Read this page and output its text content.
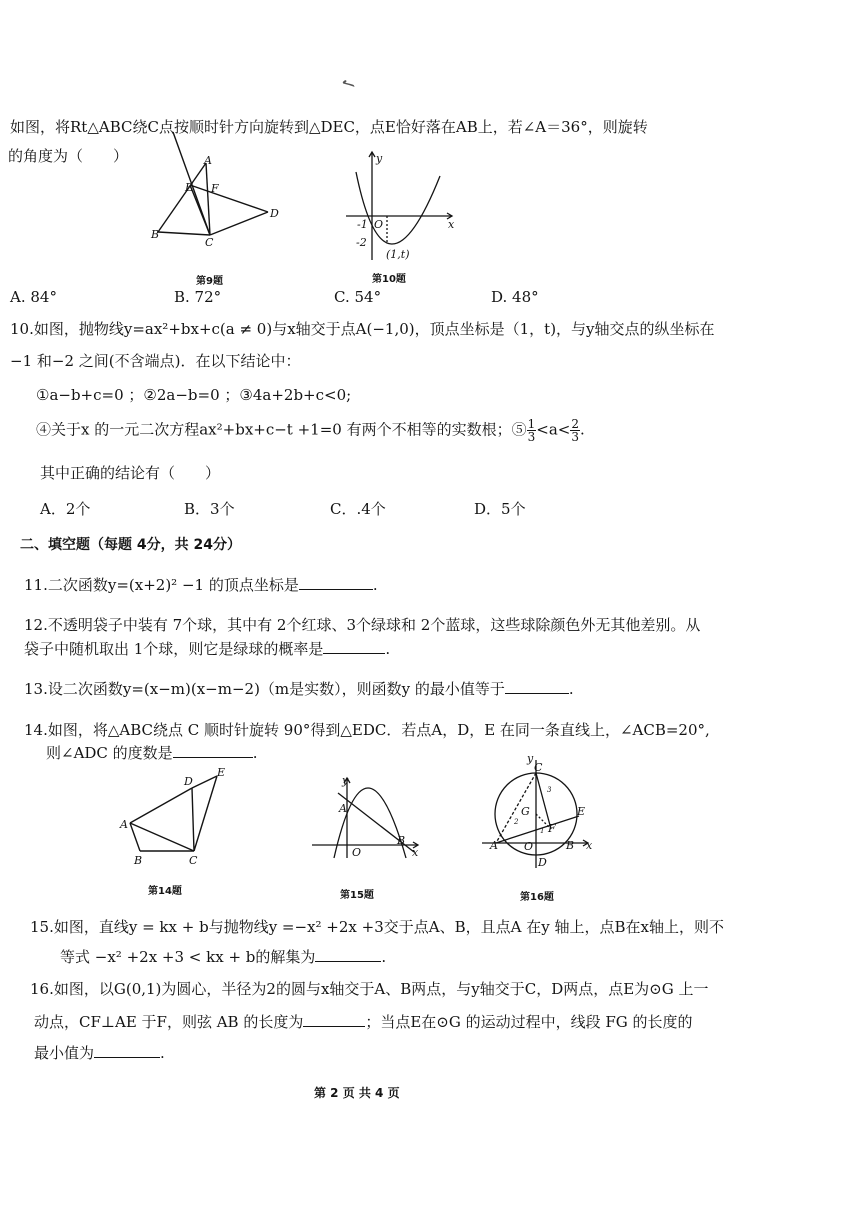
✓
如图，将Rt△ABC绕C点按顺时针方向旋转到△DEC，点E恰好落在AB上，若∠A＝36°，则旋转
的角度为（　　）	A
E F
B
C
D
第9题
y
x
-1 O
-2
(1,t)
第10题
A. 84°	B. 72°	C. 54°	D. 48°
10.如图，抛物线y=ax²+bx+c(a ≠ 0)与x轴交于点A(−1,0)，顶点坐标是（1，t)，与y轴交点的纵坐标在
−1 和−2 之间(不含端点)．在以下结论中：
①a−b+c=0 ；②2a−b=0 ；③4a+2b+c<0;
④关于x 的一元二次方程ax²+bx+c−t +1=0 有两个不相等的实数根；⑤ $\frac{1}{3} <a< \frac{2}{3}$ .
其中正确的结论有（　　）
A．2个	B．3个	C．.4个	D．5个
二、填空题（每题 4分，共 24分）
11.二次函数y=(x+2)² −1 的顶点坐标是	.
12.不透明袋子中装有 7个球，其中有 2个红球、3个绿球和 2个蓝球，这些球除颜色外无其他差别。从
袋子中随机取出 1个球，则它是绿球的概率是	.
13.设二次函数y=(x−m)(x−m−2)（m是实数），则函数y 的最小值等于	.
14.如图，将△ABC绕点 C 顺时针旋转 90°得到△EDC．若点A，D，E 在同一条直线上，∠ACB=20°,
则∠ADC 的度数是	.
A
B	C
D
E
第14题
y
A
O
B
x
第15题
C
G	E
F
A O	B x
D
y
1
2
3
第16题
15.如图，直线y = kx + b与抛物线y =−x² +2x +3交于点A、B，且点A 在y 轴上，点B在x轴上，则不
等式 −x² +2x +3 < kx + b的解集为	.
16.如图，以G(0,1)为圆心，半径为2的圆与x轴交于A、B两点，与y轴交于C，D两点，点E为⊙G 上一
动点，CF⊥AE 于F，则弦 AB 的长度为	；当点E在⊙G 的运动过程中，线段 FG 的长度的
最小值为	.
第 2 页 共 4 页
